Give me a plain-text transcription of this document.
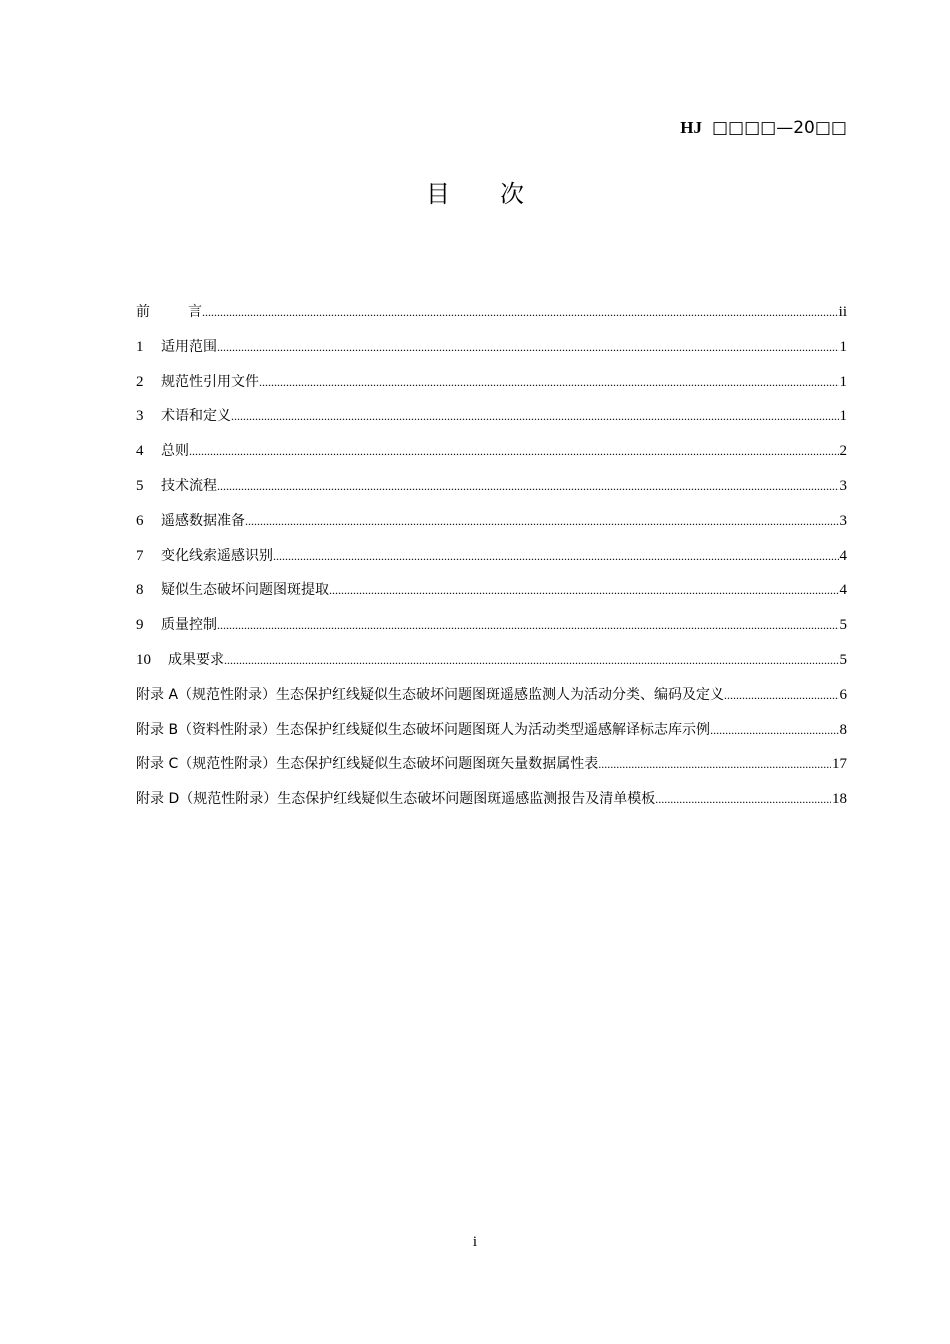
HJ □□□□—20□□
目 次
前	言 .....	ii
1 适用范围 .....	1
2 规范性引用文件 .....	1
3 术语和定义 .....	1
4 总则 .....	2
5 技术流程 .....	3
6 遥感数据准备 .....	3
7 变化线索遥感识别 .....	4
8 疑似生态破坏问题图斑提取 .....	4
9 质量控制 .....	5
10 成果要求 .....	5
附录 A（规范性附录）生态保护红线疑似生态破坏问题图斑遥感监测人为活动分类、编码及定义 .....	6
附录 B（资料性附录）生态保护红线疑似生态破坏问题图斑人为活动类型遥感解译标志库示例 .....	8
附录 C（规范性附录）生态保护红线疑似生态破坏问题图斑矢量数据属性表 .....	17
附录 D（规范性附录）生态保护红线疑似生态破坏问题图斑遥感监测报告及清单模板 .....	18
i
